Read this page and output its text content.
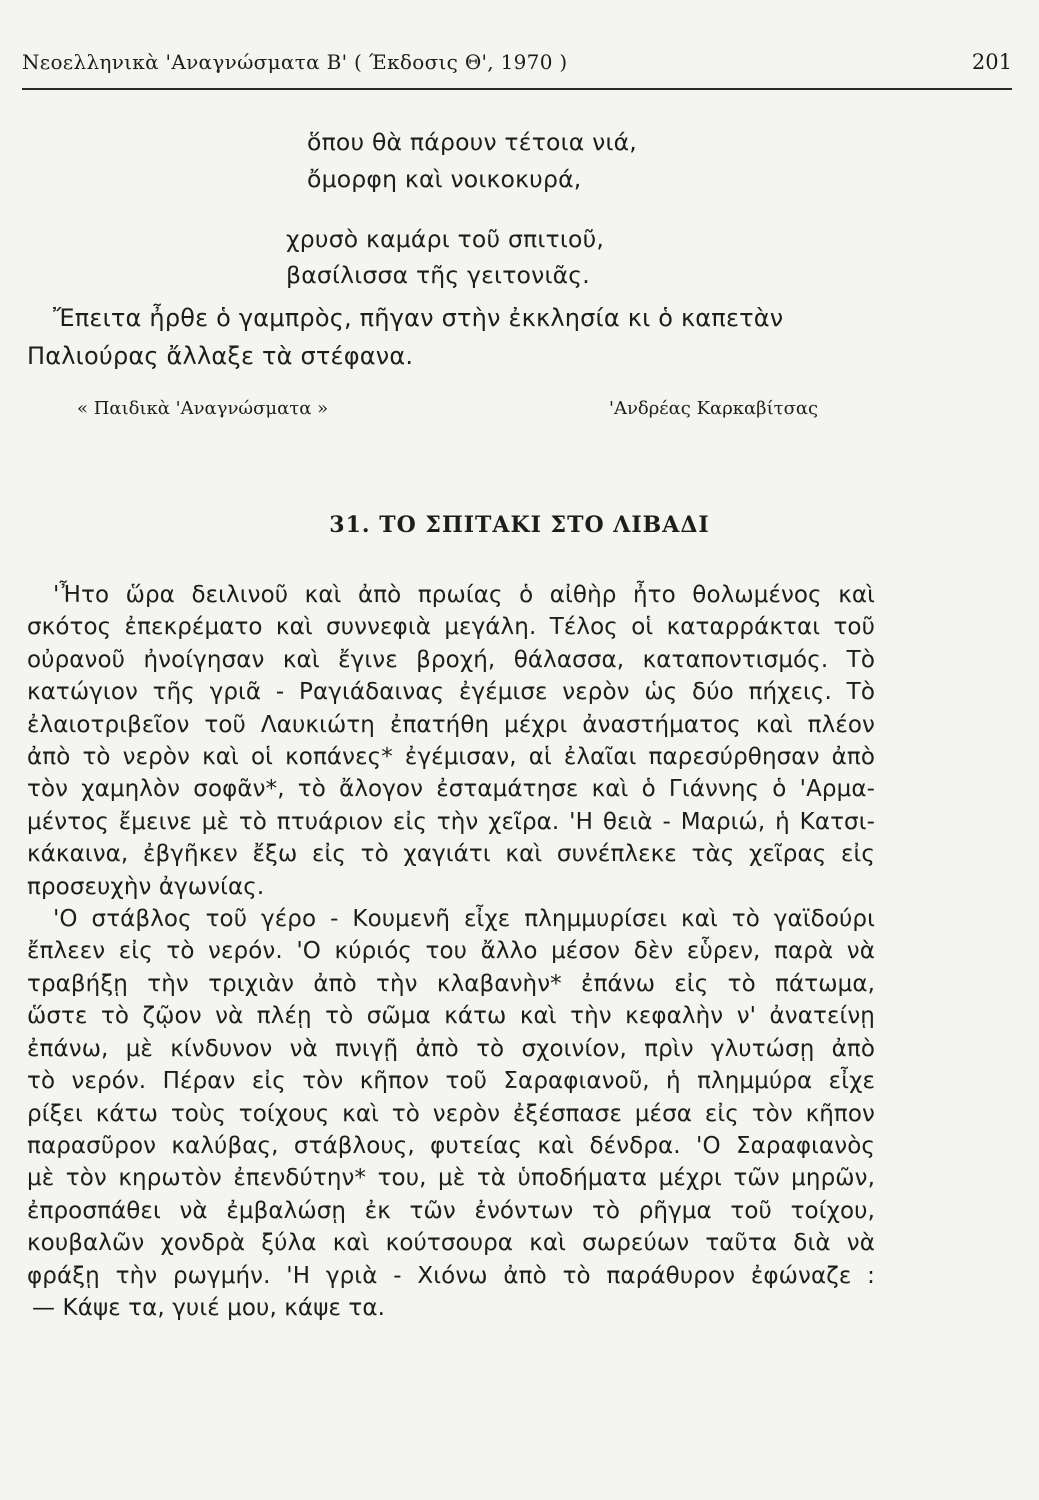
Νεοελληνικὰ 'Αναγνώσματα Β' ( Έκδοσις Θ', 1970 )	201
ὅπου θὰ πάρουν τέτοια νιά,
ὄμορφη καὶ νοικοκυρά,
χρυσὸ καμάρι τοῦ σπιτιοῦ,
βασίλισσα τῆς γειτονιᾶς.
Ἔπειτα ἦρθε ὁ γαμπρὸς, πῆγαν στὴν ἐκκλησία κι ὁ καπετὰν
Παλιούρας ἄλλαξε τὰ στέφανα.
« Παιδικὰ 'Αναγνώσματα »	'Ανδρέας Καρκαβίτσας
31. ΤΟ ΣΠΙΤΑΚΙ ΣΤΟ ΛΙΒΑΔΙ
'Ἦτο ὥρα δειλινοῦ καὶ ἀπὸ πρωίας ὁ αἰθὴρ ἦτο θολωμένος καὶ
σκότος ἐπεκρέματο καὶ συννεφιὰ μεγάλη. Τέλος οἱ καταρράκται τοῦ
οὐρανοῦ ἠνοίγησαν καὶ ἔγινε βροχή, θάλασσα, καταποντισμός. Τὸ
κατώγιον τῆς γριᾶ - Ραγιάδαινας ἐγέμισε νερὸν ὡς δύο πήχεις. Τὸ
ἐλαιοτριβεῖον τοῦ Λαυκιώτη ἐπατήθη μέχρι ἀναστήματος καὶ πλέον
ἀπὸ τὸ νερὸν καὶ οἱ κοπάνες* ἐγέμισαν, αἱ ἐλαῖαι παρεσύρθησαν ἀπὸ
τὸν χαμηλὸν σοφᾶν*, τὸ ἄλογον ἐσταμάτησε καὶ ὁ Γιάννης ὁ 'Αρμα-
μέντος ἔμεινε μὲ τὸ πτυάριον εἰς τὴν χεῖρα. 'Η θειὰ - Μαριώ, ἡ Κατσι-
κάκαινα, ἐβγῆκεν ἔξω εἰς τὸ χαγιάτι καὶ συνέπλεκε τὰς χεῖρας εἰς
προσευχὴν ἀγωνίας.
'Ο στάβλος τοῦ γέρο - Κουμενῆ εἶχε πλημμυρίσει καὶ τὸ γαϊδούρι
ἔπλεεν εἰς τὸ νερόν. 'Ο κύριός του ἄλλο μέσον δὲν εὗρεν, παρὰ νὰ
τραβήξῃ τὴν τριχιὰν ἀπὸ τὴν κλαβανὴν* ἐπάνω εἰς τὸ πάτωμα,
ὥστε τὸ ζῷον νὰ πλέῃ τὸ σῶμα κάτω καὶ τὴν κεφαλὴν ν' ἀνατείνῃ
ἐπάνω, μὲ κίνδυνον νὰ πνιγῇ ἀπὸ τὸ σχοινίον, πρὶν γλυτώσῃ ἀπὸ
τὸ νερόν. Πέραν εἰς τὸν κῆπον τοῦ Σαραφιανοῦ, ἡ πλημμύρα εἶχε
ρίξει κάτω τοὺς τοίχους καὶ τὸ νερὸν ἐξέσπασε μέσα εἰς τὸν κῆπον
παρασῦρον καλύβας, στάβλους, φυτείας καὶ δένδρα. 'Ο Σαραφιανὸς
μὲ τὸν κηρωτὸν ἐπενδύτην* του, μὲ τὰ ὑποδήματα μέχρι τῶν μηρῶν,
ἐπροσπάθει νὰ ἐμβαλώσῃ ἐκ τῶν ἐνόντων τὸ ρῆγμα τοῦ τοίχου,
κουβαλῶν χονδρὰ ξύλα καὶ κούτσουρα καὶ σωρεύων ταῦτα διὰ νὰ
φράξῃ τὴν ρωγμήν. 'Η γριὰ - Χιόνω ἀπὸ τὸ παράθυρον ἐφώναζε :
— Κάψε τα, γυιέ μου, κάψε τα.
